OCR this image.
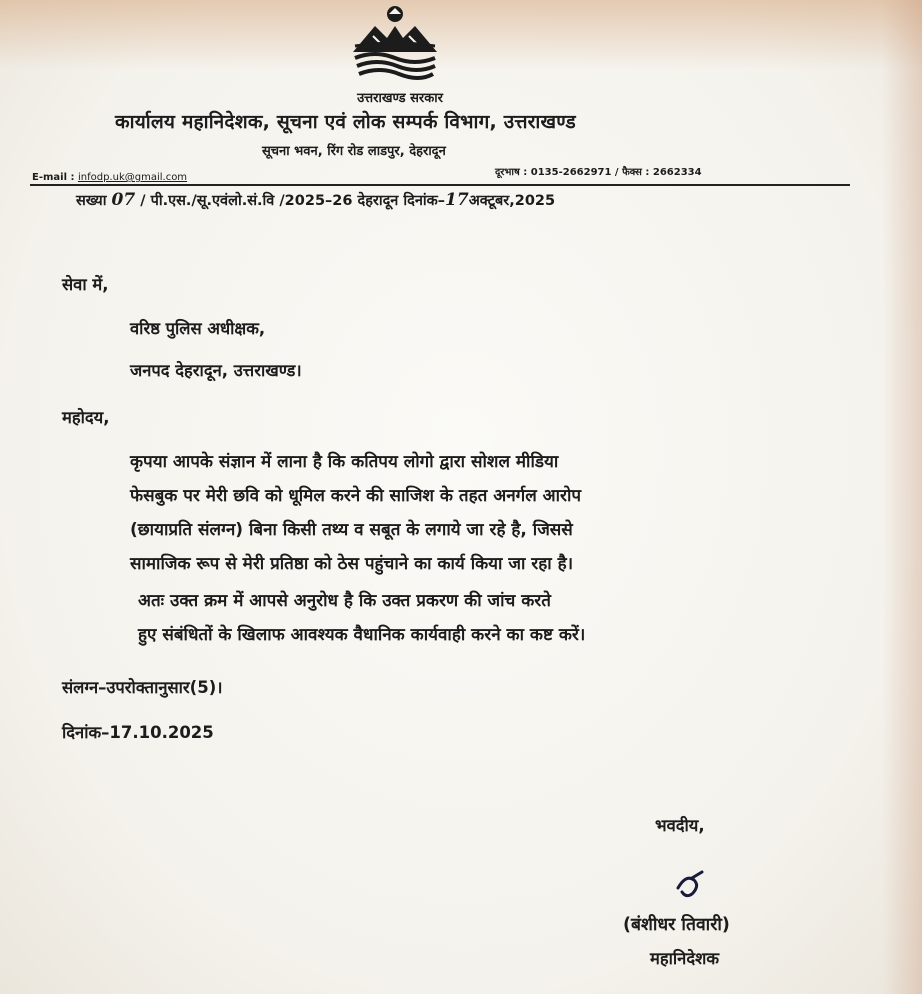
उत्तराखण्ड सरकार
कार्यालय महानिदेशक, सूचना एवं लोक सम्पर्क विभाग, उत्तराखण्ड
सूचना भवन, रिंग रोड लाडपुर, देहरादून
E-mail : infodp.uk@gmail.com	दूरभाष : 0135-2662971 / फैक्स : 2662334
सख्या 07 / पी.एस./सू.एवंलो.सं.वि /2025–26 देहरादून दिनांक–17अक्टूबर,2025
सेवा में,
वरिष्ठ पुलिस अधीक्षक,
जनपद देहरादून, उत्तराखण्ड।
महोदय,
कृपया आपके संज्ञान में लाना है कि कतिपय लोगो द्वारा सोशल मीडिया
फेसबुक पर मेरी छवि को धूमिल करने की साजिश के तहत अनर्गल आरोप
(छायाप्रति संलग्न) बिना किसी तथ्य व सबूत के लगाये जा रहे है, जिससे
सामाजिक रूप से मेरी प्रतिष्ठा को ठेस पहुंचाने का कार्य किया जा रहा है।
अतः उक्त क्रम में आपसे अनुरोध है कि उक्त प्रकरण की जांच करते
हुए संबंधितों के खिलाफ आवश्यक वैधानिक कार्यवाही करने का कष्ट करें।
संलग्न–उपरोक्तानुसार(5)।
दिनांक–17.10.2025
भवदीय,
(बंशीधर तिवारी)
महानिदेशक
